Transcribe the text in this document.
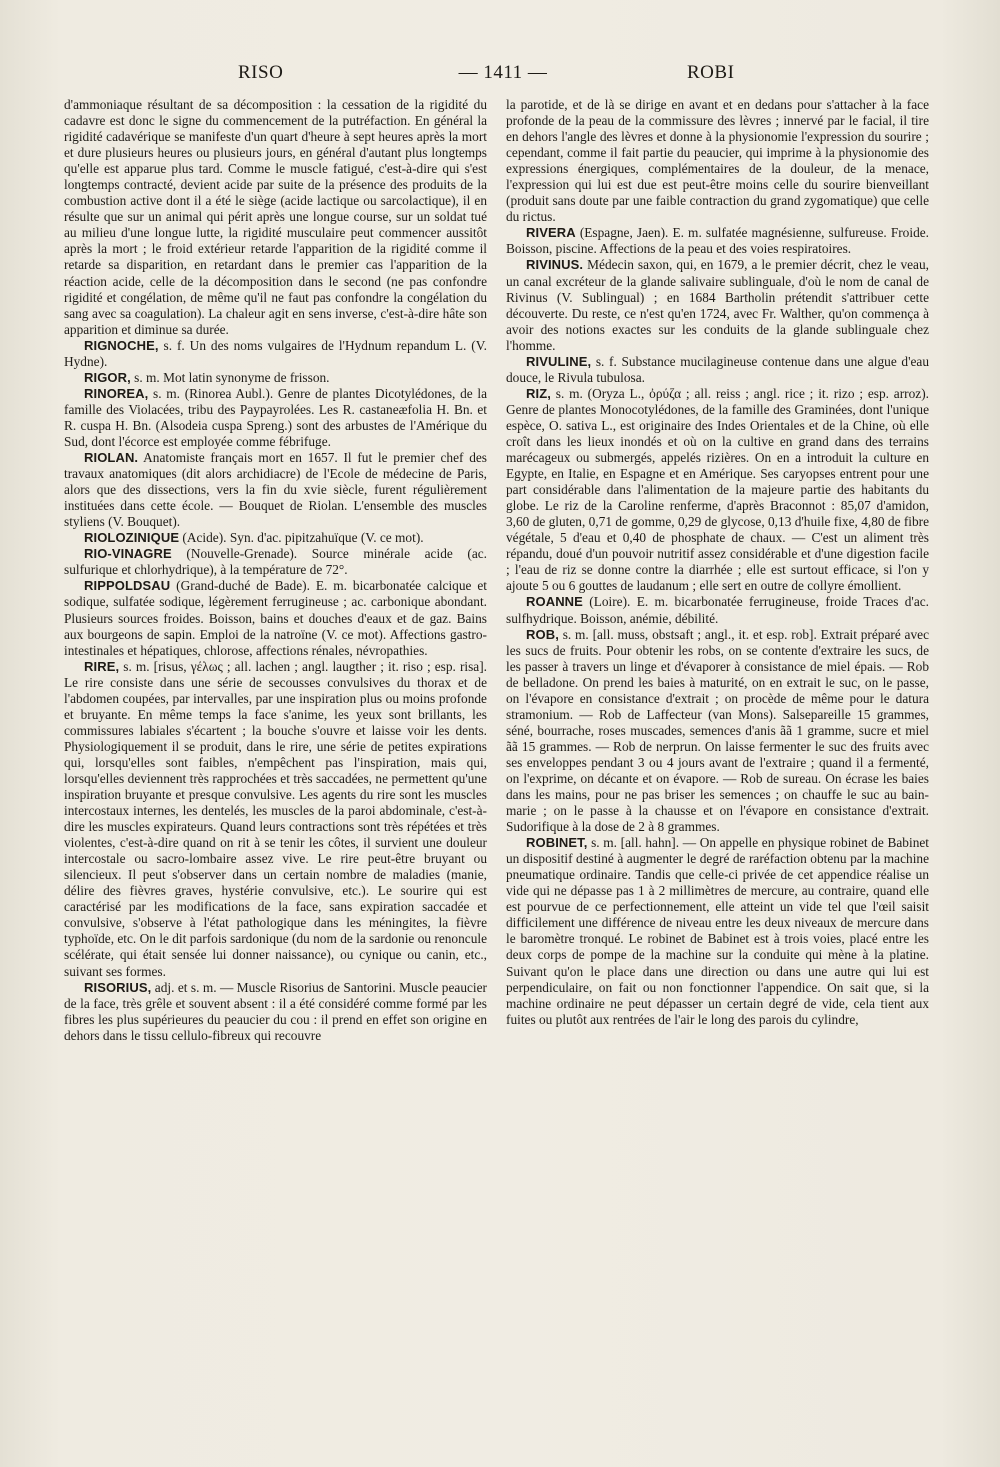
RISO	— 1411 —	ROBI

d'ammoniaque résultant de sa décomposition : la cessation de la rigidité du cadavre est donc le signe du commencement de la putréfaction. En général la rigidité cadavérique se manifeste d'un quart d'heure à sept heures après la mort et dure plusieurs heures ou plusieurs jours, en général d'autant plus longtemps qu'elle est apparue plus tard. Comme le muscle fatigué, c'est-à-dire qui s'est longtemps contracté, devient acide par suite de la présence des produits de la combustion active dont il a été le siège (acide lactique ou sarcolactique), il en résulte que sur un animal qui périt après une longue course, sur un soldat tué au milieu d'une longue lutte, la rigidité musculaire peut commencer aussitôt après la mort ; le froid extérieur retarde l'apparition de la rigidité comme il retarde sa disparition, en retardant dans le premier cas l'apparition de la réaction acide, celle de la décomposition dans le second (ne pas confondre rigidité et congélation, de même qu'il ne faut pas confondre la congélation du sang avec sa coagulation). La chaleur agit en sens inverse, c'est-à-dire hâte son apparition et diminue sa durée.

RIGNOCHE, s. f. Un des noms vulgaires de l'Hydnum repandum L. (V. Hydne).

RIGOR, s. m. Mot latin synonyme de frisson.

RINOREA, s. m. (Rinorea Aubl.). Genre de plantes Dicotylédones, de la famille des Violacées, tribu des Paypayrolées. Les R. castaneæfolia H. Bn. et R. cuspa H. Bn. (Alsodeia cuspa Spreng.) sont des arbustes de l'Amérique du Sud, dont l'écorce est employée comme fébrifuge.

RIOLAN. Anatomiste français mort en 1657. Il fut le premier chef des travaux anatomiques (dit alors archidiacre) de l'Ecole de médecine de Paris, alors que des dissections, vers la fin du xvie siècle, furent régulièrement instituées dans cette école. — Bouquet de Riolan. L'ensemble des muscles styliens (V. Bouquet).

RIOLOZINIQUE (Acide). Syn. d'ac. pipitzahuïque (V. ce mot).

RIO-VINAGRE (Nouvelle-Grenade). Source minérale acide (ac. sulfurique et chlorhydrique), à la température de 72°.

RIPPOLDSAU (Grand-duché de Bade). E. m. bicarbonatée calcique et sodique, sulfatée sodique, légèrement ferrugineuse ; ac. carbonique abondant. Plusieurs sources froides. Boisson, bains et douches d'eaux et de gaz. Bains aux bourgeons de sapin. Emploi de la natroïne (V. ce mot). Affections gastro-intestinales et hépatiques, chlorose, affections rénales, névropathies.

RIRE, s. m. [risus, γέλως ; all. lachen ; angl. laugther ; it. riso ; esp. risa]. Le rire consiste dans une série de secousses convulsives du thorax et de l'abdomen coupées, par intervalles, par une inspiration plus ou moins profonde et bruyante. En même temps la face s'anime, les yeux sont brillants, les commissures labiales s'écartent ; la bouche s'ouvre et laisse voir les dents. Physiologiquement il se produit, dans le rire, une série de petites expirations qui, lorsqu'elles sont faibles, n'empêchent pas l'inspiration, mais qui, lorsqu'elles deviennent très rapprochées et très saccadées, ne permettent qu'une inspiration bruyante et presque convulsive. Les agents du rire sont les muscles intercostaux internes, les dentelés, les muscles de la paroi abdominale, c'est-à-dire les muscles expirateurs. Quand leurs contractions sont très répétées et très violentes, c'est-à-dire quand on rit à se tenir les côtes, il survient une douleur intercostale ou sacro-lombaire assez vive. Le rire peut-être bruyant ou silencieux. Il peut s'observer dans un certain nombre de maladies (manie, délire des fièvres graves, hystérie convulsive, etc.). Le sourire qui est caractérisé par les modifications de la face, sans expiration saccadée et convulsive, s'observe à l'état pathologique dans les méningites, la fièvre typhoïde, etc. On le dit parfois sardonique (du nom de la sardonie ou renoncule scélérate, qui était sensée lui donner naissance), ou cynique ou canin, etc., suivant ses formes.

RISORIUS, adj. et s. m. — Muscle Risorius de Santorini. Muscle peaucier de la face, très grêle et souvent absent : il a été considéré comme formé par les fibres les plus supérieures du peaucier du cou : il prend en effet son origine en dehors dans le tissu cellulo-fibreux qui recouvre

la parotide, et de là se dirige en avant et en dedans pour s'attacher à la face profonde de la peau de la commissure des lèvres ; innervé par le facial, il tire en dehors l'angle des lèvres et donne à la physionomie l'expression du sourire ; cependant, comme il fait partie du peaucier, qui imprime à la physionomie des expressions énergiques, complémentaires de la douleur, de la menace, l'expression qui lui est due est peut-être moins celle du sourire bienveillant (produit sans doute par une faible contraction du grand zygomatique) que celle du rictus.

RIVERA (Espagne, Jaen). E. m. sulfatée magnésienne, sulfureuse. Froide. Boisson, piscine. Affections de la peau et des voies respiratoires.

RIVINUS. Médecin saxon, qui, en 1679, a le premier décrit, chez le veau, un canal excréteur de la glande salivaire sublinguale, d'où le nom de canal de Rivinus (V. Sublingual) ; en 1684 Bartholin prétendit s'attribuer cette découverte. Du reste, ce n'est qu'en 1724, avec Fr. Walther, qu'on commença à avoir des notions exactes sur les conduits de la glande sublinguale chez l'homme.

RIVULINE, s. f. Substance mucilagineuse contenue dans une algue d'eau douce, le Rivula tubulosa.

RIZ, s. m. (Oryza L., ὀρύζα ; all. reiss ; angl. rice ; it. rizo ; esp. arroz). Genre de plantes Monocotylédones, de la famille des Graminées, dont l'unique espèce, O. sativa L., est originaire des Indes Orientales et de la Chine, où elle croît dans les lieux inondés et où on la cultive en grand dans des terrains marécageux ou submergés, appelés rizières. On en a introduit la culture en Egypte, en Italie, en Espagne et en Amérique. Ses caryopses entrent pour une part considérable dans l'alimentation de la majeure partie des habitants du globe. Le riz de la Caroline renferme, d'après Braconnot : 85,07 d'amidon, 3,60 de gluten, 0,71 de gomme, 0,29 de glycose, 0,13 d'huile fixe, 4,80 de fibre végétale, 5 d'eau et 0,40 de phosphate de chaux. — C'est un aliment très répandu, doué d'un pouvoir nutritif assez considérable et d'une digestion facile ; l'eau de riz se donne contre la diarrhée ; elle est surtout efficace, si l'on y ajoute 5 ou 6 gouttes de laudanum ; elle sert en outre de collyre émollient.

ROANNE (Loire). E. m. bicarbonatée ferrugineuse, froide Traces d'ac. sulfhydrique. Boisson, anémie, débilité.

ROB, s. m. [all. muss, obstsaft ; angl., it. et esp. rob]. Extrait préparé avec les sucs de fruits. Pour obtenir les robs, on se contente d'extraire les sucs, de les passer à travers un linge et d'évaporer à consistance de miel épais. — Rob de belladone. On prend les baies à maturité, on en extrait le suc, on le passe, on l'évapore en consistance d'extrait ; on procède de même pour le datura stramonium. — Rob de Laffecteur (van Mons). Salsepareille 15 grammes, séné, bourrache, roses muscades, semences d'anis ãã 1 gramme, sucre et miel ãã 15 grammes. — Rob de nerprun. On laisse fermenter le suc des fruits avec ses enveloppes pendant 3 ou 4 jours avant de l'extraire ; quand il a fermenté, on l'exprime, on décante et on évapore. — Rob de sureau. On écrase les baies dans les mains, pour ne pas briser les semences ; on chauffe le suc au bain-marie ; on le passe à la chausse et on l'évapore en consistance d'extrait. Sudorifique à la dose de 2 à 8 grammes.

ROBINET, s. m. [all. hahn]. — On appelle en physique robinet de Babinet un dispositif destiné à augmenter le degré de raréfaction obtenu par la machine pneumatique ordinaire. Tandis que celle-ci privée de cet appendice réalise un vide qui ne dépasse pas 1 à 2 millimètres de mercure, au contraire, quand elle est pourvue de ce perfectionnement, elle atteint un vide tel que l'œil saisit difficilement une différence de niveau entre les deux niveaux de mercure dans le baromètre tronqué. Le robinet de Babinet est à trois voies, placé entre les deux corps de pompe de la machine sur la conduite qui mène à la platine. Suivant qu'on le place dans une direction ou dans une autre qui lui est perpendiculaire, on fait ou non fonctionner l'appendice. On sait que, si la machine ordinaire ne peut dépasser un certain degré de vide, cela tient aux fuites ou plutôt aux rentrées de l'air le long des parois du cylindre,
